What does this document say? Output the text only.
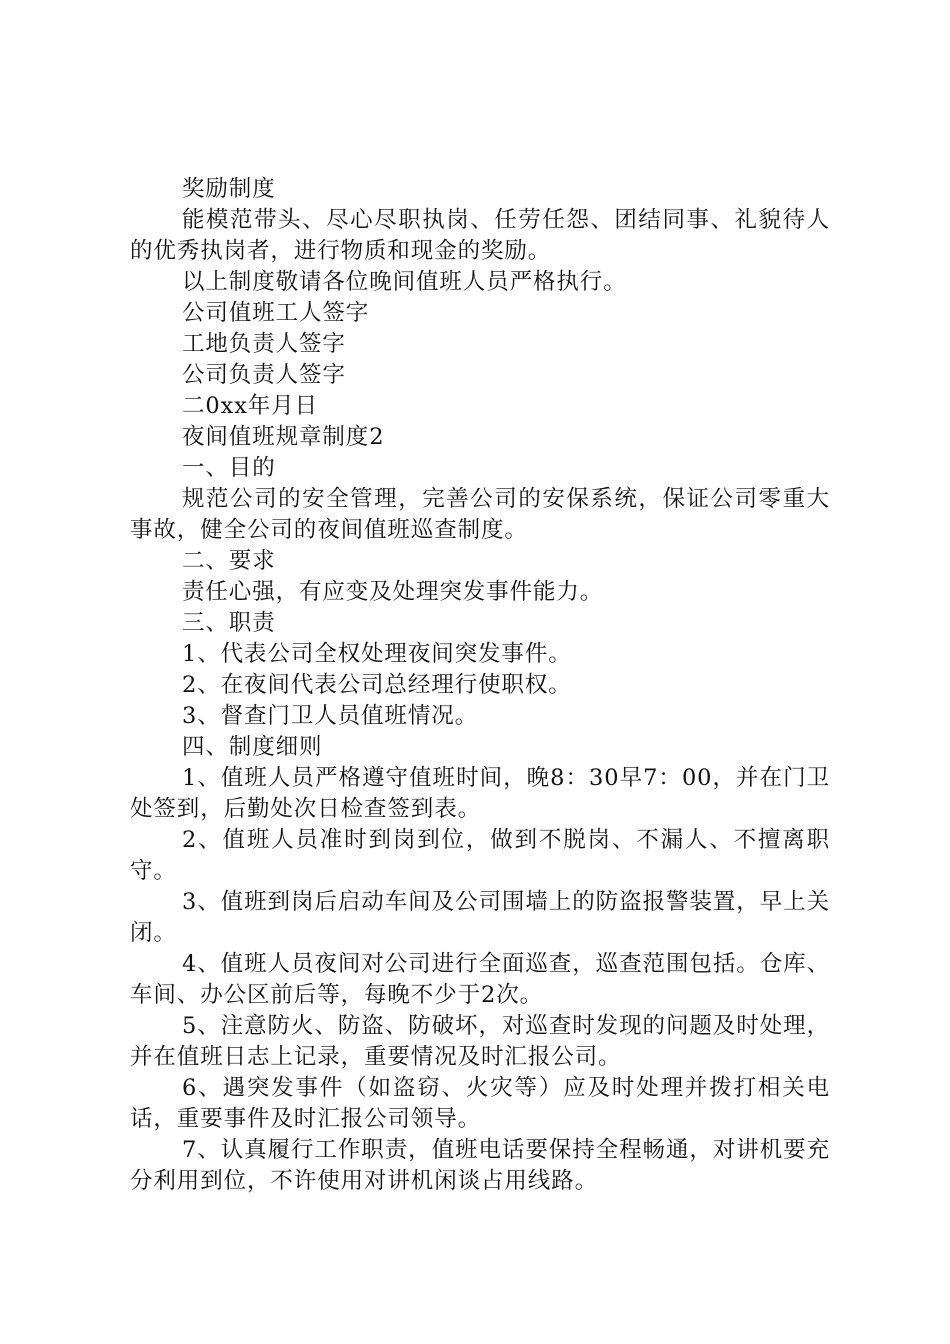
奖励制度

能模范带头、尽心尽职执岗、任劳任怨、团结同事、礼貌待人的优秀执岗者，进行物质和现金的奖励。

以上制度敬请各位晚间值班人员严格执行。

公司值班工人签字

工地负责人签字

公司负责人签字

二0xx年月日

夜间值班规章制度2

一、目的

规范公司的安全管理，完善公司的安保系统，保证公司零重大事故，健全公司的夜间值班巡查制度。

二、要求

责任心强，有应变及处理突发事件能力。

三、职责

1、代表公司全权处理夜间突发事件。

2、在夜间代表公司总经理行使职权。

3、督查门卫人员值班情况。

四、制度细则

1、值班人员严格遵守值班时间，晚8：30早7：00，并在门卫处签到，后勤处次日检查签到表。

2、值班人员准时到岗到位，做到不脱岗、不漏人、不擅离职守。

3、值班到岗后启动车间及公司围墙上的防盗报警装置，早上关闭。

4、值班人员夜间对公司进行全面巡查，巡查范围包括。仓库、车间、办公区前后等，每晚不少于2次。

5、注意防火、防盗、防破坏，对巡查时发现的问题及时处理，并在值班日志上记录，重要情况及时汇报公司。

6、遇突发事件（如盗窃、火灾等）应及时处理并拨打相关电话，重要事件及时汇报公司领导。

7、认真履行工作职责，值班电话要保持全程畅通，对讲机要充分利用到位，不许使用对讲机闲谈占用线路。
